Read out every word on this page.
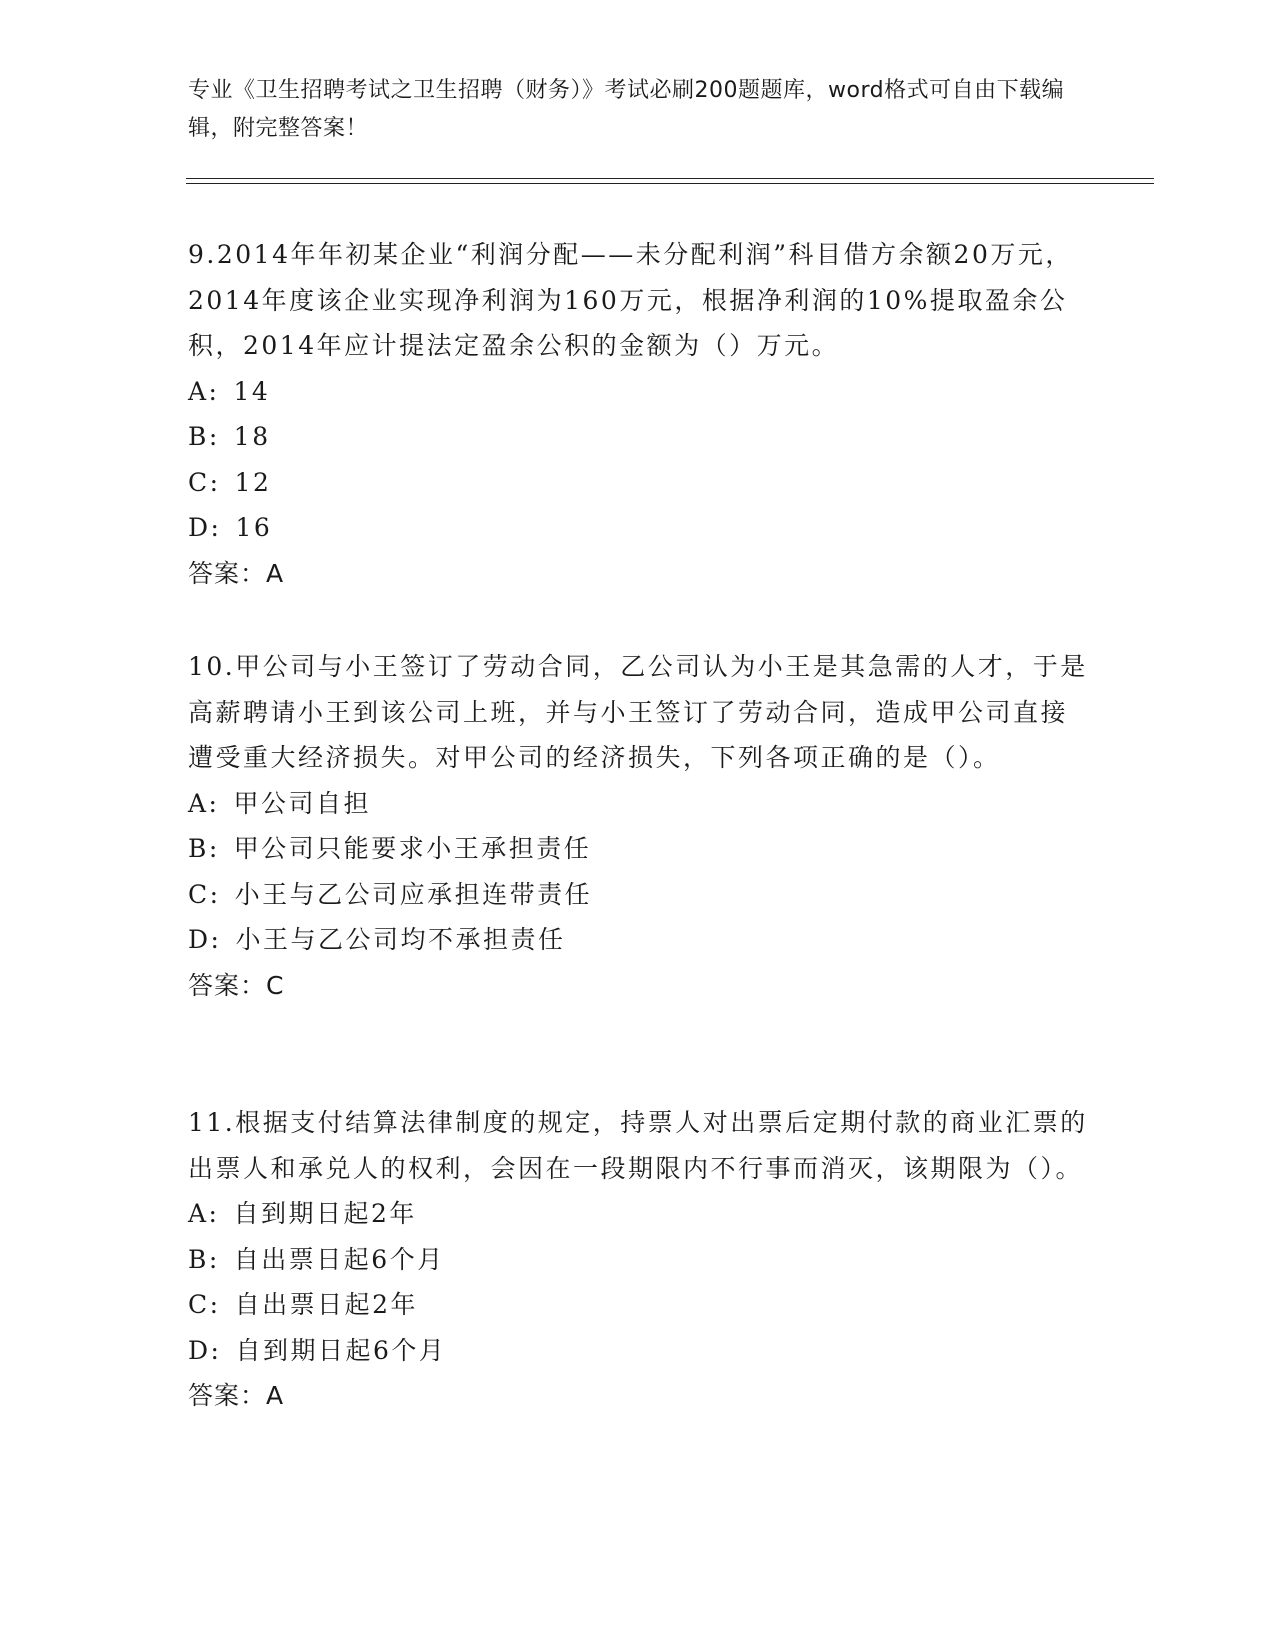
专业《卫生招聘考试之卫生招聘（财务）》考试必刷200题题库，word格式可自由下载编辑，附完整答案！

9.2014年年初某企业“利润分配——未分配利润”科目借方余额20万元，2014年度该企业实现净利润为160万元，根据净利润的10%提取盈余公积，2014年应计提法定盈余公积的金额为（）万元。

A: 14
B: 18
C: 12
D: 16
答案：A

10.甲公司与小王签订了劳动合同，乙公司认为小王是其急需的人才，于是高薪聘请小王到该公司上班，并与小王签订了劳动合同，造成甲公司直接遭受重大经济损失。对甲公司的经济损失，下列各项正确的是（）。

A: 甲公司自担
B: 甲公司只能要求小王承担责任
C: 小王与乙公司应承担连带责任
D: 小王与乙公司均不承担责任
答案：C

11.根据支付结算法律制度的规定，持票人对出票后定期付款的商业汇票的出票人和承兑人的权利，会因在一段期限内不行事而消灭，该期限为（）。

A: 自到期日起2年
B: 自出票日起6个月
C: 自出票日起2年
D: 自到期日起6个月
答案：A
